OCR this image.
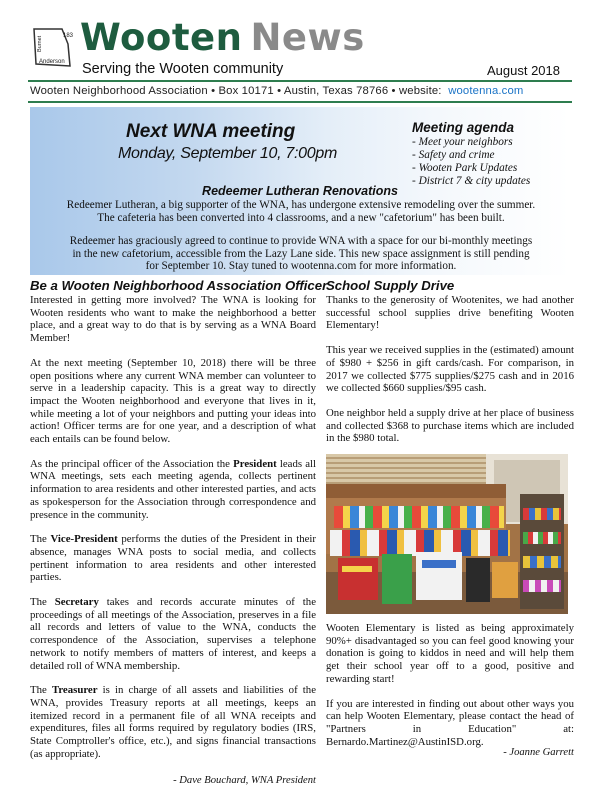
183
Burnet
Anderson
Wooten News
Serving the Wooten community	August 2018
Wooten Neighborhood Association • Box 10171 • Austin, Texas 78766 • website: wootenna.com
Next WNA meeting
Monday, September 10, 7:00pm
Meeting agenda
- Meet your neighbors
- Safety and crime
- Wooten Park Updates
- District 7 & city updates
Redeemer Lutheran Renovations

Redeemer Lutheran, a big supporter of the WNA, has undergone extensive remodeling over the summer. The cafeteria has been converted into 4 classrooms, and a new "cafetorium" has been built.

Redeemer has graciously agreed to continue to provide WNA with a space for our bi-monthly meetings in the new cafetorium, accessible from the Lazy Lane side. This new space assignment is still pending for September 10. Stay tuned to wootenna.com for more information.

Be a Wooten Neighborhood Association Officer

Interested in getting more involved? The WNA is looking for Wooten residents who want to make the neighborhood a better place, and a great way to do that is by serving as a WNA Board Member!

At the next meeting (September 10, 2018) there will be three open positions where any current WNA member can volunteer to serve in a leadership capacity. This is a great way to directly impact the Wooten neighborhood and everyone that lives in it, while meeting a lot of your neighbors and putting your ideas into action! Officer terms are for one year, and a description of what each entails can be found below.

As the principal officer of the Association the President leads all WNA meetings, sets each meeting agenda, collects pertinent information to area residents and other interested parties, and acts as spokesperson for the Association through correspondence and presence in the community.

The Vice-President performs the duties of the President in their absence, manages WNA posts to social media, and collects pertinent information to area residents and other interested parties.

The Secretary takes and records accurate minutes of the proceedings of all meetings of the Association, preserves in a file all records and letters of value to the WNA, conducts the correspondence of the Association, supervises a telephone network to notify members of matters of interest, and keeps a detailed roll of WNA membership.

The Treasurer is in charge of all assets and liabilities of the WNA, provides Treasury reports at all meetings, keeps an itemized record in a permanent file of all WNA receipts and expenditures, files all forms required by regulatory bodies (IRS, State Comptroller's office, etc.), and signs financial transactions (as appropriate).

- Dave Bouchard, WNA President

School Supply Drive

Thanks to the generosity of Wootenites, we had another successful school supplies drive benefiting Wooten Elementary!

This year we received supplies in the (estimated) amount of $980 + $256 in gift cards/cash. For comparison, in 2017 we collected $775 supplies/$275 cash and in 2016 we collected $660 supplies/$95 cash.

One neighbor held a supply drive at her place of business and collected $368 to purchase items which are included in the $980 total.

Wooten Elementary is listed as being approximately 90%+ disadvantaged so you can feel good knowing your donation is going to kiddos in need and will help them get their school year off to a good, positive and rewarding start!

If you are interested in finding out about other ways you can help Wooten Elementary, please contact the head of "Partners in Education" at: Bernardo.Martinez@AustinISD.org.

- Joanne Garrett
